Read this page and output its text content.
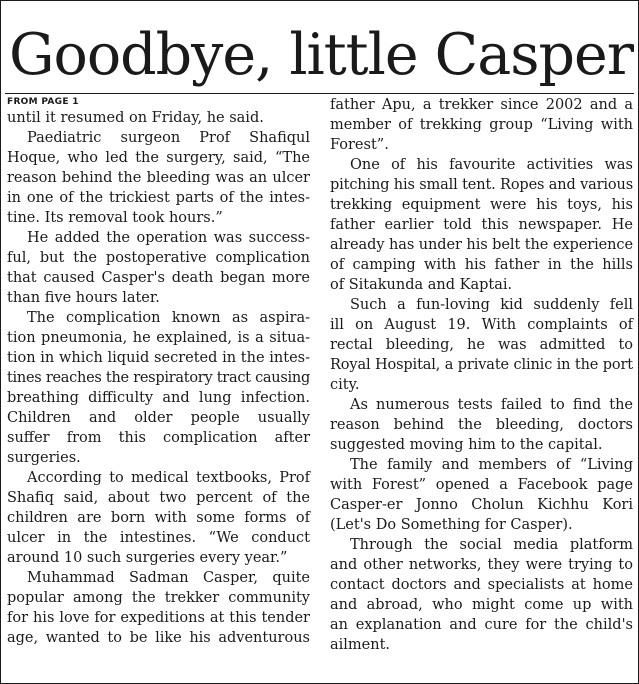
Goodbye, little Casper
FROM PAGE 1
until it resumed on Friday, he said.
Paediatric surgeon Prof Shafiqul
Hoque, who led the surgery, said, “The
reason behind the bleeding was an ulcer
in one of the trickiest parts of the intes-
tine. Its removal took hours.”
He added the operation was success-
ful, but the postoperative complication
that caused Casper's death began more
than five hours later.
The complication known as aspira-
tion pneumonia, he explained, is a situa-
tion in which liquid secreted in the intes-
tines reaches the respiratory tract causing
breathing difficulty and lung infection.
Children and older people usually
suffer from this complication after
surgeries.
According to medical textbooks, Prof
Shafiq said, about two percent of the
children are born with some forms of
ulcer in the intestines. “We conduct
around 10 such surgeries every year.”
Muhammad Sadman Casper, quite
popular among the trekker community
for his love for expeditions at this tender
age, wanted to be like his adventurous
father Apu, a trekker since 2002 and a
member of trekking group “Living with
Forest”.
One of his favourite activities was
pitching his small tent. Ropes and various
trekking equipment were his toys, his
father earlier told this newspaper. He
already has under his belt the experience
of camping with his father in the hills
of Sitakunda and Kaptai.
Such a fun-loving kid suddenly fell
ill on August 19. With complaints of
rectal bleeding, he was admitted to
Royal Hospital, a private clinic in the port
city.
As numerous tests failed to find the
reason behind the bleeding, doctors
suggested moving him to the capital.
The family and members of “Living
with Forest” opened a Facebook page
Casper-er Jonno Cholun Kichhu Kori
(Let's Do Something for Casper).
Through the social media platform
and other networks, they were trying to
contact doctors and specialists at home
and abroad, who might come up with
an explanation and cure for the child's
ailment.
